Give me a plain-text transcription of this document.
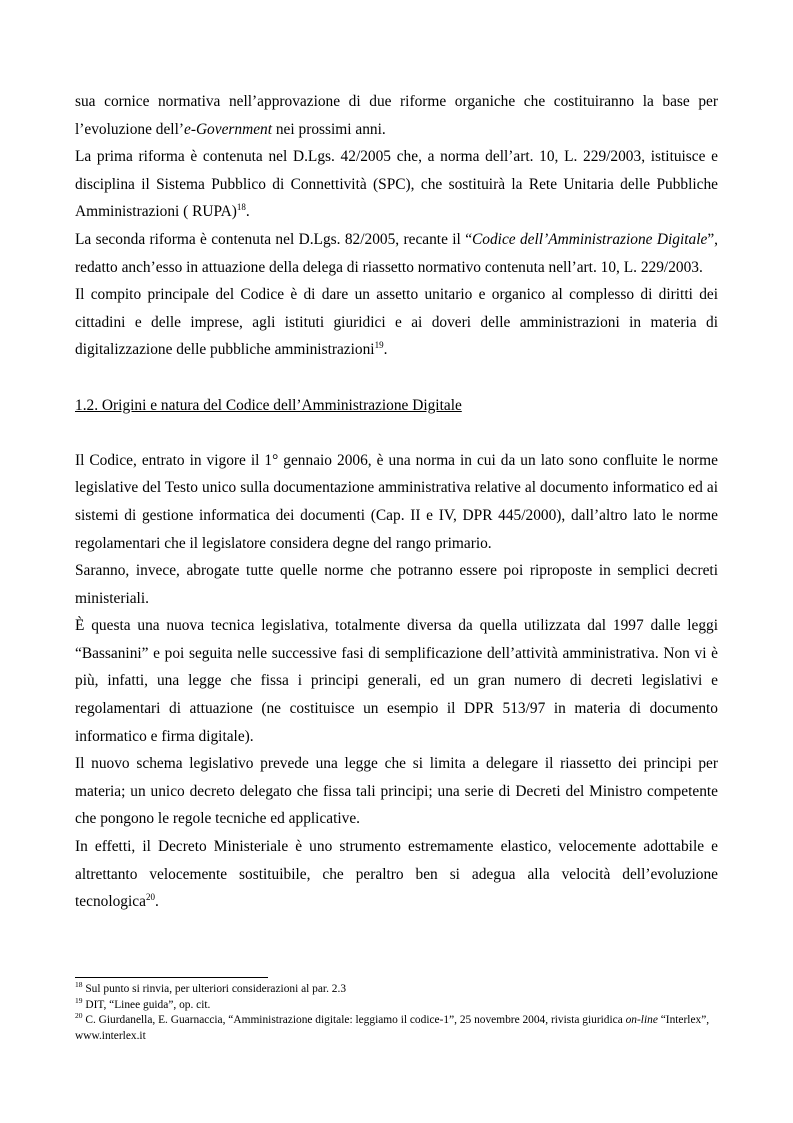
sua cornice normativa nell’approvazione di due riforme organiche che costituiranno la base per l’evoluzione dell’e-Government nei prossimi anni.

La prima riforma è contenuta nel D.Lgs. 42/2005 che, a norma dell’art. 10, L. 229/2003, istituisce e disciplina il Sistema Pubblico di Connettività (SPC), che sostituirà la Rete Unitaria delle Pubbliche Amministrazioni ( RUPA)$^{18}$.

La seconda riforma è contenuta nel D.Lgs. 82/2005, recante il “Codice dell’Amministrazione Digitale”, redatto anch’esso in attuazione della delega di riassetto normativo contenuta nell’art. 10, L. 229/2003.

Il compito principale del Codice è di dare un assetto unitario e organico al complesso di diritti dei cittadini e delle imprese, agli istituti giuridici e ai doveri delle amministrazioni in materia di digitalizzazione delle pubbliche amministrazioni$^{19}$.

1.2. Origini e natura del Codice dell’Amministrazione Digitale

Il Codice, entrato in vigore il 1° gennaio 2006, è una norma in cui da un lato sono confluite le norme legislative del Testo unico sulla documentazione amministrativa relative al documento informatico ed ai sistemi di gestione informatica dei documenti (Cap. II e IV, DPR 445/2000), dall’altro lato le norme regolamentari che il legislatore considera degne del rango primario.

Saranno, invece, abrogate tutte quelle norme che potranno essere poi riproposte in semplici decreti ministeriali.

È questa una nuova tecnica legislativa, totalmente diversa da quella utilizzata dal 1997 dalle leggi “Bassanini” e poi seguita nelle successive fasi di semplificazione dell’attività amministrativa. Non vi è più, infatti, una legge che fissa i principi generali, ed un gran numero di decreti legislativi e regolamentari di attuazione (ne costituisce un esempio il DPR 513/97 in materia di documento informatico e firma digitale).

Il nuovo schema legislativo prevede una legge che si limita a delegare il riassetto dei principi per materia; un unico decreto delegato che fissa tali principi; una serie di Decreti del Ministro competente che pongono le regole tecniche ed applicative.

In effetti, il Decreto Ministeriale è uno strumento estremamente elastico, velocemente adottabile e altrettanto velocemente sostituibile, che peraltro ben si adegua alla velocità dell’evoluzione tecnologica$^{20}$.

$^{18}$ Sul punto si rinvia, per ulteriori considerazioni al par. 2.3

$^{19}$ DIT, “Linee guida”, op. cit.

$^{20}$ C. Giurdanella, E. Guarnaccia, “Amministrazione digitale: leggiamo il codice-1”, 25 novembre 2004, rivista giuridica on-line “Interlex”, www.interlex.it
